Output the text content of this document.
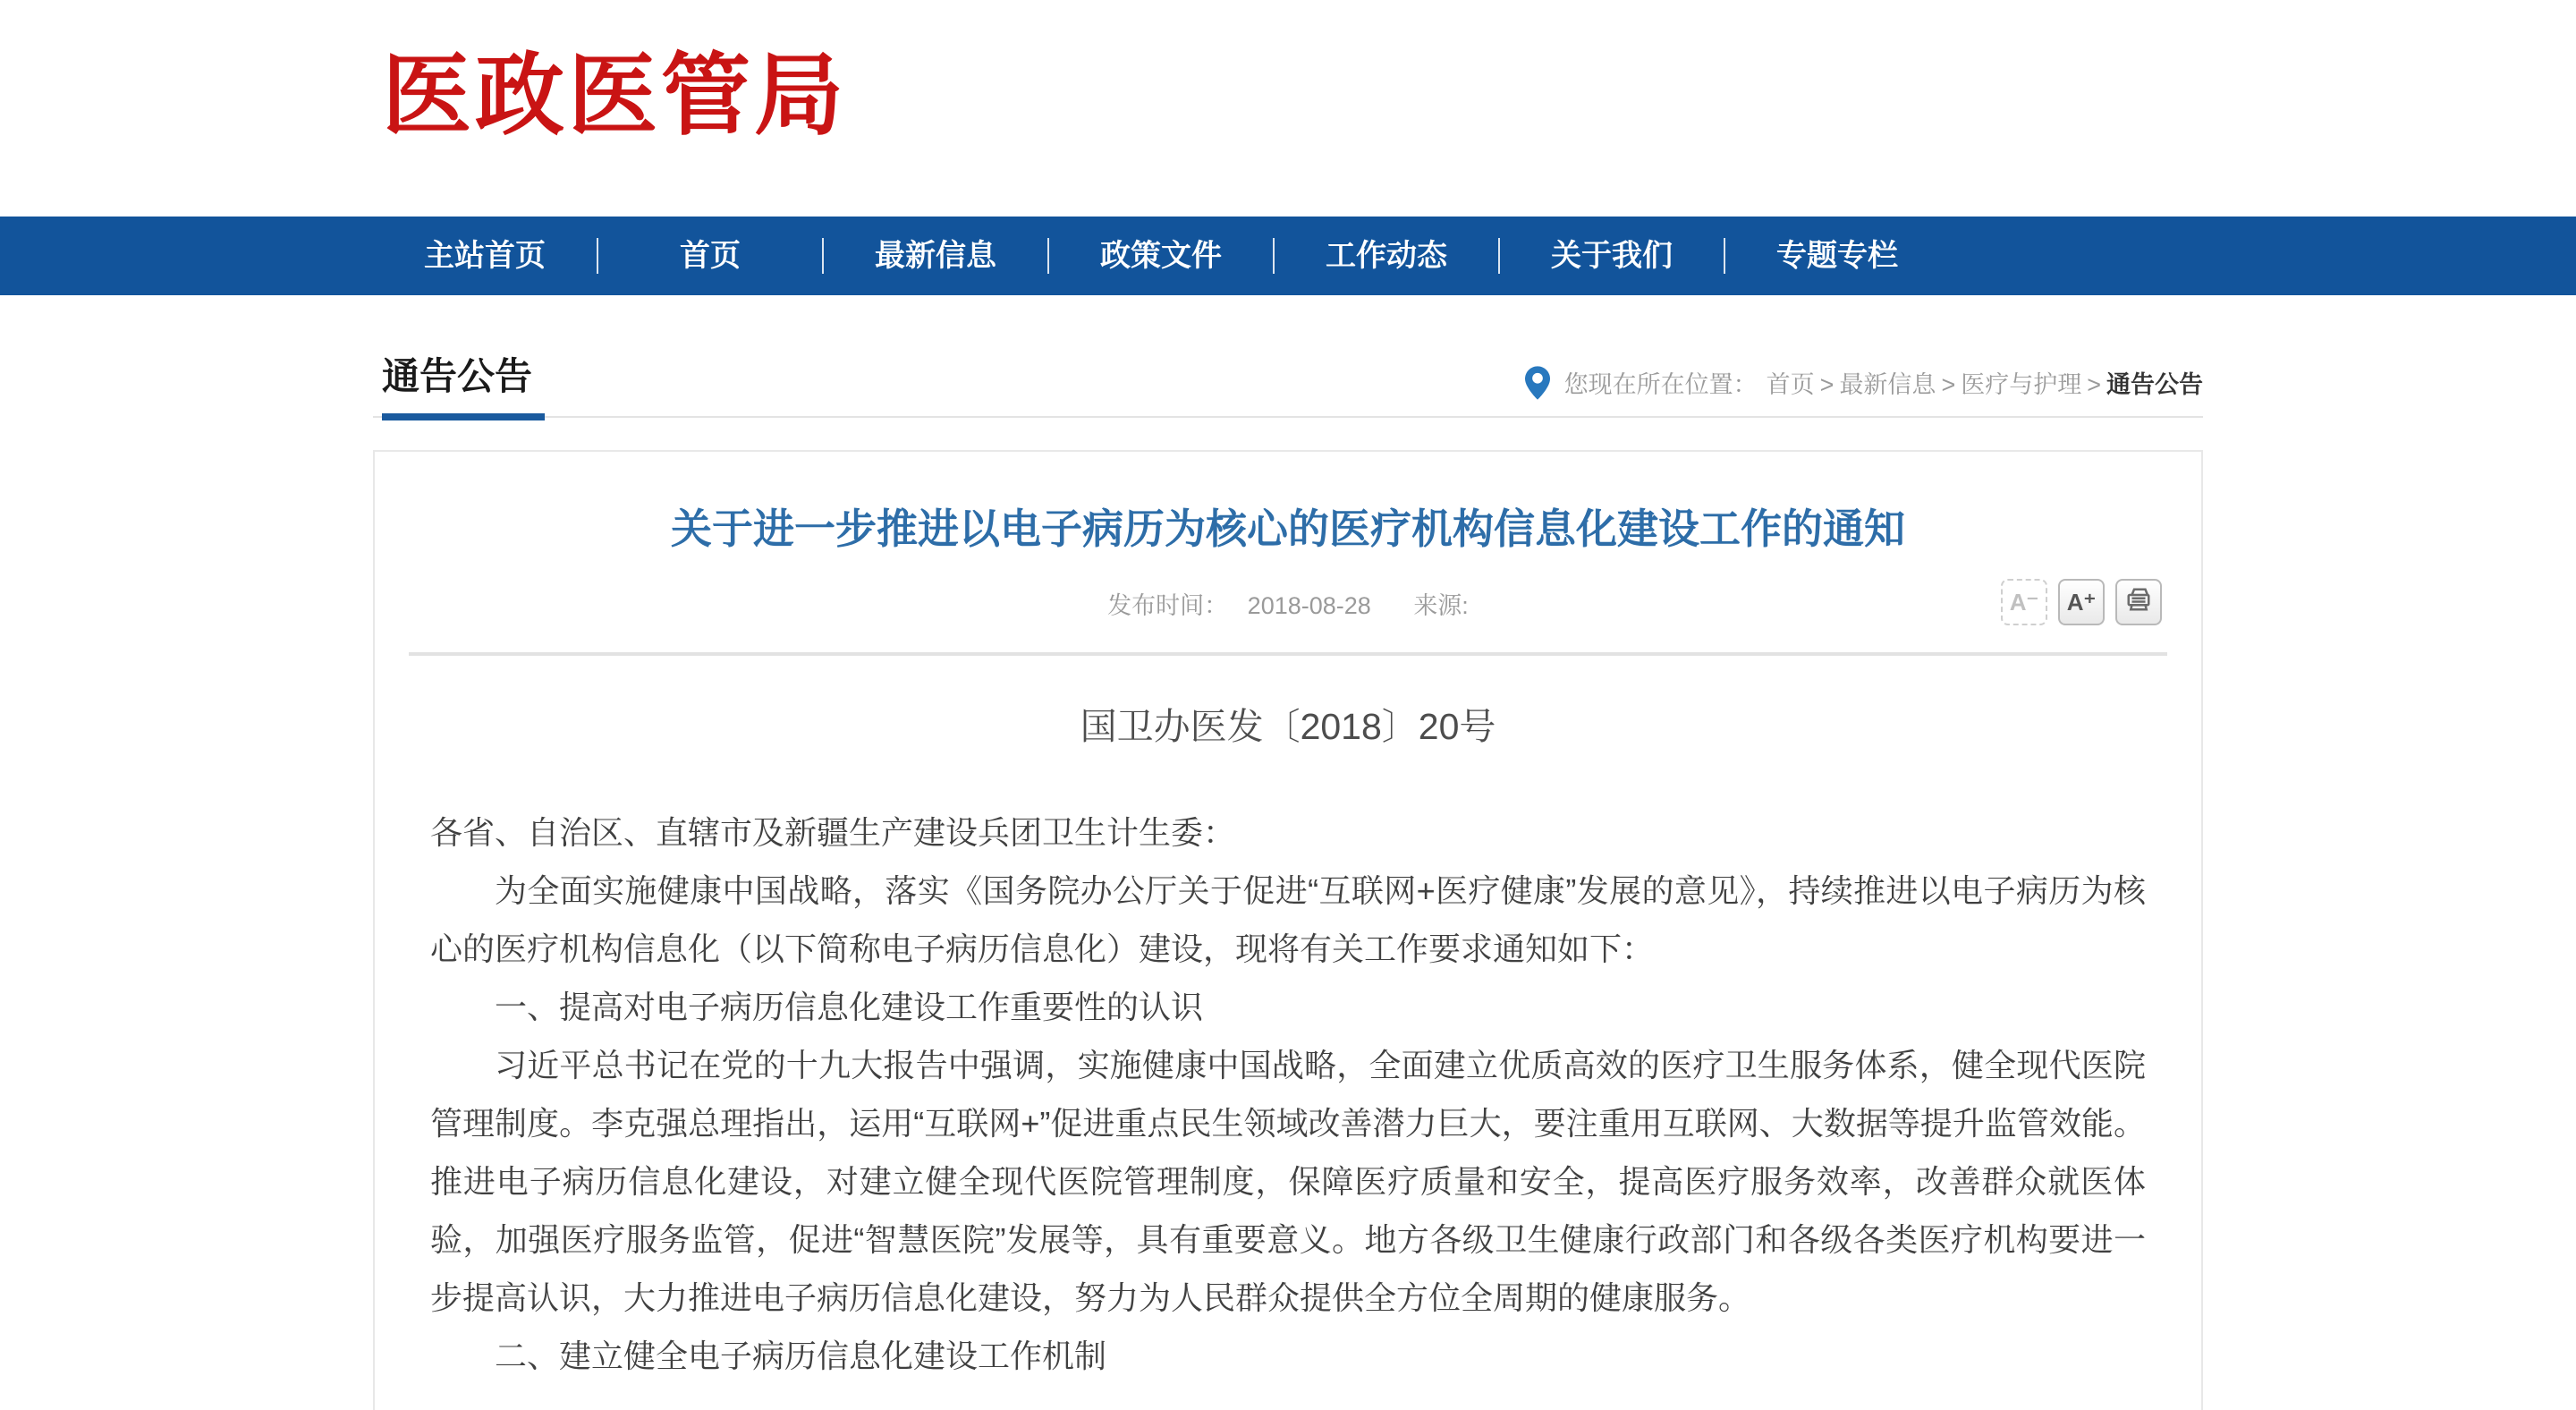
医政医管局
主站首页	首页	最新信息	政策文件	工作动态	关于我们	专题专栏
通告公告	您现在所在位置： 首页 > 最新信息 > 医疗与护理 > 通告公告
关于进一步推进以电子病历为核心的医疗机构信息化建设工作的通知
发布时间： 2018-08-28 来源:	A⁻	A⁺
国卫办医发〔2018〕20号

各省、自治区、直辖市及新疆生产建设兵团卫生计生委：

为全面实施健康中国战略，落实《国务院办公厅关于促进“互联网+医疗健康”发展的意见》，持续推进以电子病历为核心的医疗机构信息化（以下简称电子病历信息化）建设，现将有关工作要求通知如下：

一、提高对电子病历信息化建设工作重要性的认识

习近平总书记在党的十九大报告中强调，实施健康中国战略，全面建立优质高效的医疗卫生服务体系，健全现代医院管理制度。李克强总理指出，运用“互联网+”促进重点民生领域改善潜力巨大，要注重用互联网、大数据等提升监管效能。推进电子病历信息化建设，对建立健全现代医院管理制度，保障医疗质量和安全，提高医疗服务效率，改善群众就医体验，加强医疗服务监管，促进“智慧医院”发展等，具有重要意义。地方各级卫生健康行政部门和各级各类医疗机构要进一步提高认识，大力推进电子病历信息化建设，努力为人民群众提供全方位全周期的健康服务。

二、建立健全电子病历信息化建设工作机制
